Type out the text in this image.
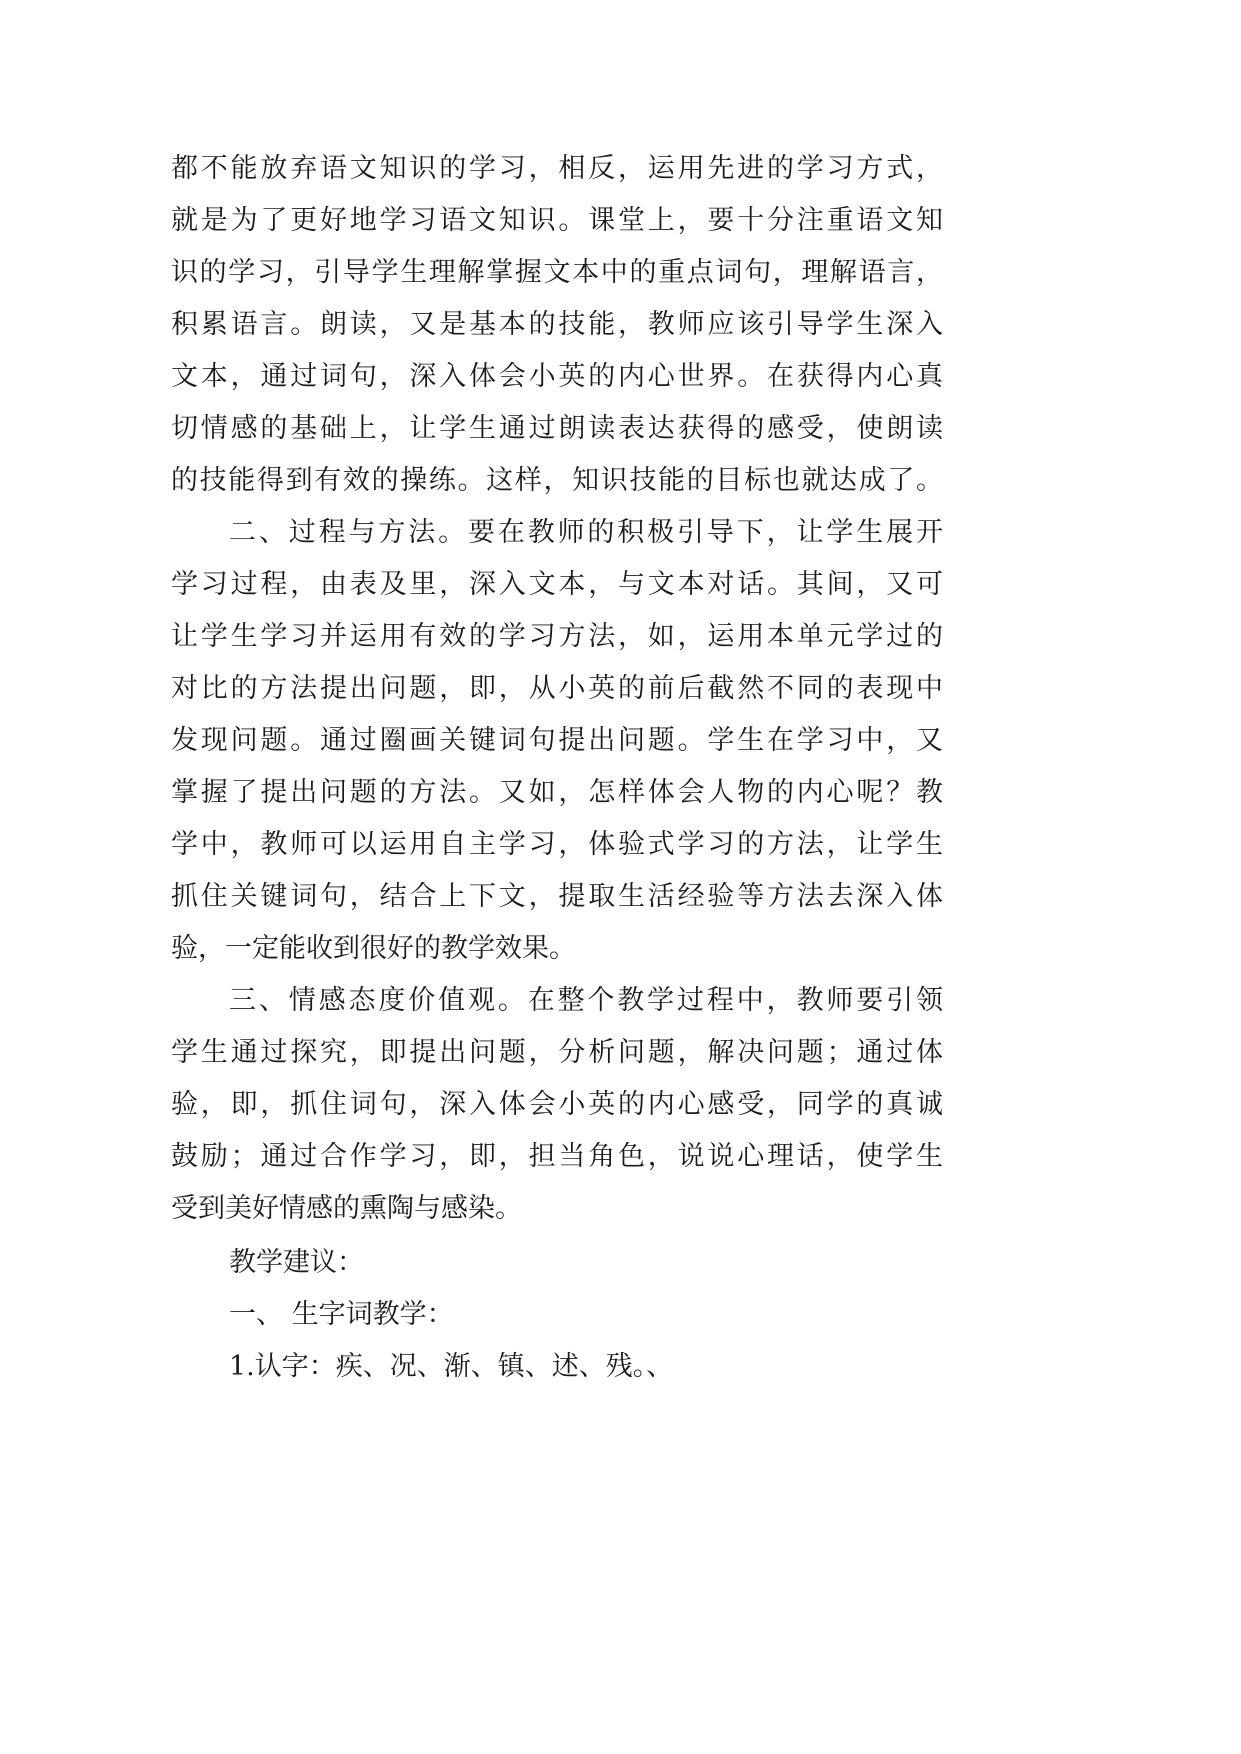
都不能放弃语文知识的学习，相反，运用先进的学习方式，
就是为了更好地学习语文知识。课堂上，要十分注重语文知
识的学习，引导学生理解掌握文本中的重点词句，理解语言，
积累语言。朗读，又是基本的技能，教师应该引导学生深入
文本，通过词句，深入体会小英的内心世界。在获得内心真
切情感的基础上，让学生通过朗读表达获得的感受，使朗读
的技能得到有效的操练。这样，知识技能的目标也就达成了。
二、过程与方法。要在教师的积极引导下，让学生展开
学习过程，由表及里，深入文本，与文本对话。其间，又可
让学生学习并运用有效的学习方法，如，运用本单元学过的
对比的方法提出问题，即，从小英的前后截然不同的表现中
发现问题。通过圈画关键词句提出问题。学生在学习中，又
掌握了提出问题的方法。又如，怎样体会人物的内心呢？教
学中，教师可以运用自主学习，体验式学习的方法，让学生
抓住关键词句，结合上下文，提取生活经验等方法去深入体
验，一定能收到很好的教学效果。
三、情感态度价值观。在整个教学过程中，教师要引领
学生通过探究，即提出问题，分析问题，解决问题；通过体
验，即，抓住词句，深入体会小英的内心感受，同学的真诚
鼓励；通过合作学习，即，担当角色，说说心理话，使学生
受到美好情感的熏陶与感染。
教学建议：
一、 生字词教学：
1.认字：疾、况、渐、镇、述、残。、
